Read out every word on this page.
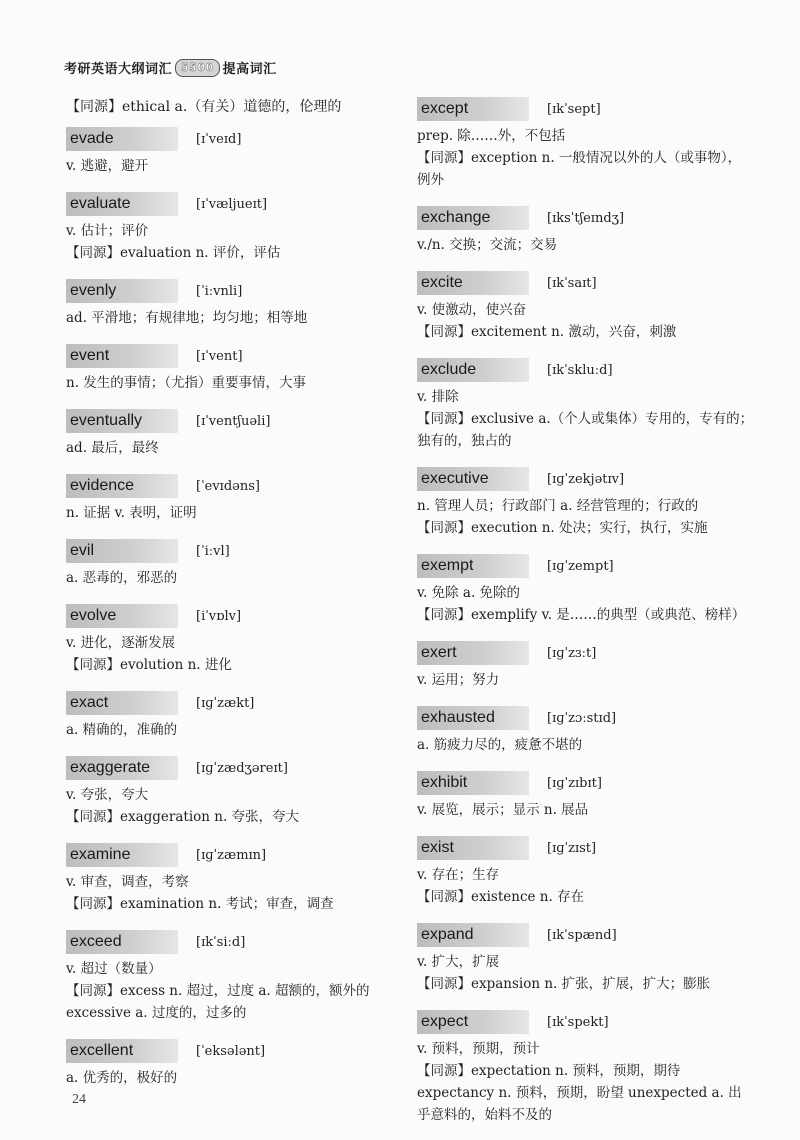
考研英语大纲词汇 5500 提高词汇

【同源】ethical a.（有关）道德的，伦理的

evade	[ɪˈveɪd]

v. 逃避，避开

evaluate	[ɪˈvæljueɪt]

v. 估计；评价

【同源】evaluation n. 评价，评估

evenly	[ˈiːvnli]

ad. 平滑地；有规律地；均匀地；相等地

event	[ɪˈvent]

n. 发生的事情；（尤指）重要事情，大事

eventually	[ɪˈventʃuəli]

ad. 最后，最终

evidence	[ˈevɪdəns]

n. 证据 v. 表明，证明

evil	[ˈiːvl]

a. 恶毒的，邪恶的

evolve	[iˈvɒlv]

v. 进化，逐渐发展

【同源】evolution n. 进化

exact	[ɪɡˈzækt]

a. 精确的，准确的

exaggerate	[ɪɡˈzædʒəreɪt]

v. 夸张，夸大

【同源】exaggeration n. 夸张，夸大

examine	[ɪɡˈzæmɪn]

v. 审查，调查，考察

【同源】examination n. 考试；审查，调查

exceed	[ɪkˈsiːd]

v. 超过（数量）

【同源】excess n. 超过，过度 a. 超额的，额外的

excessive a. 过度的，过多的

excellent	[ˈeksələnt]

a. 优秀的，极好的

except	[ɪkˈsept]

prep. 除……外，不包括

【同源】exception n. 一般情况以外的人（或事物），

例外

exchange	[ɪksˈtʃeɪndʒ]

v./n. 交换；交流；交易

excite	[ɪkˈsaɪt]

v. 使激动，使兴奋

【同源】excitement n. 激动，兴奋，刺激

exclude	[ɪkˈskluːd]

v. 排除

【同源】exclusive a.（个人或集体）专用的，专有的；

独有的，独占的

executive	[ɪɡˈzekjətɪv]

n. 管理人员；行政部门 a. 经营管理的；行政的

【同源】execution n. 处决；实行，执行，实施

exempt	[ɪɡˈzempt]

v. 免除 a. 免除的

【同源】exemplify v. 是……的典型（或典范、榜样）

exert	[ɪɡˈzɜːt]

v. 运用；努力

exhausted	[ɪɡˈzɔːstɪd]

a. 筋疲力尽的，疲惫不堪的

exhibit	[ɪɡˈzɪbɪt]

v. 展览，展示；显示 n. 展品

exist	[ɪɡˈzɪst]

v. 存在；生存

【同源】existence n. 存在

expand	[ɪkˈspænd]

v. 扩大，扩展

【同源】expansion n. 扩张，扩展，扩大；膨胀

expect	[ɪkˈspekt]

v. 预料，预期，预计

【同源】expectation n. 预料，预期，期待

expectancy n. 预料，预期，盼望 unexpected a. 出

乎意料的，始料不及的

24
